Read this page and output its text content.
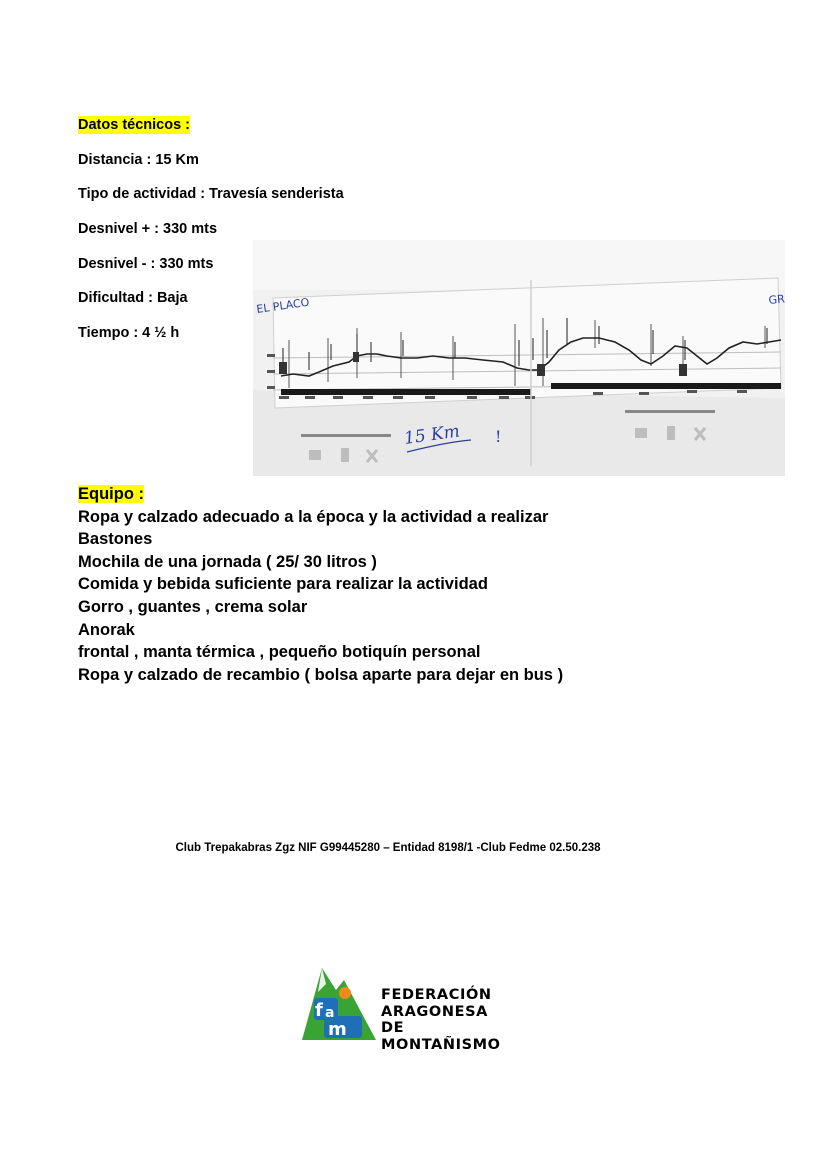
Datos técnicos :
Distancia : 15 Km
Tipo de actividad : Travesía senderista
Desnivel + : 330 mts
Desnivel - : 330 mts
Dificultad : Baja
Tiempo : 4 ½ h
EL PLACO	GR
15 Km !
Equipo :
Ropa y calzado adecuado a la época y la actividad a realizar
Bastones
Mochila de una jornada ( 25/ 30 litros )
Comida y bebida suficiente para realizar la actividad
Gorro , guantes , crema solar
Anorak
frontal , manta térmica , pequeño botiquín personal
Ropa y calzado de recambio ( bolsa aparte para dejar en bus )
Club Trepakabras Zgz NIF G99445280 – Entidad 8198/1 -Club Fedme 02.50.238
f a
m
FEDERACIÓN
ARAGONESA
DE MONTAÑISMO
